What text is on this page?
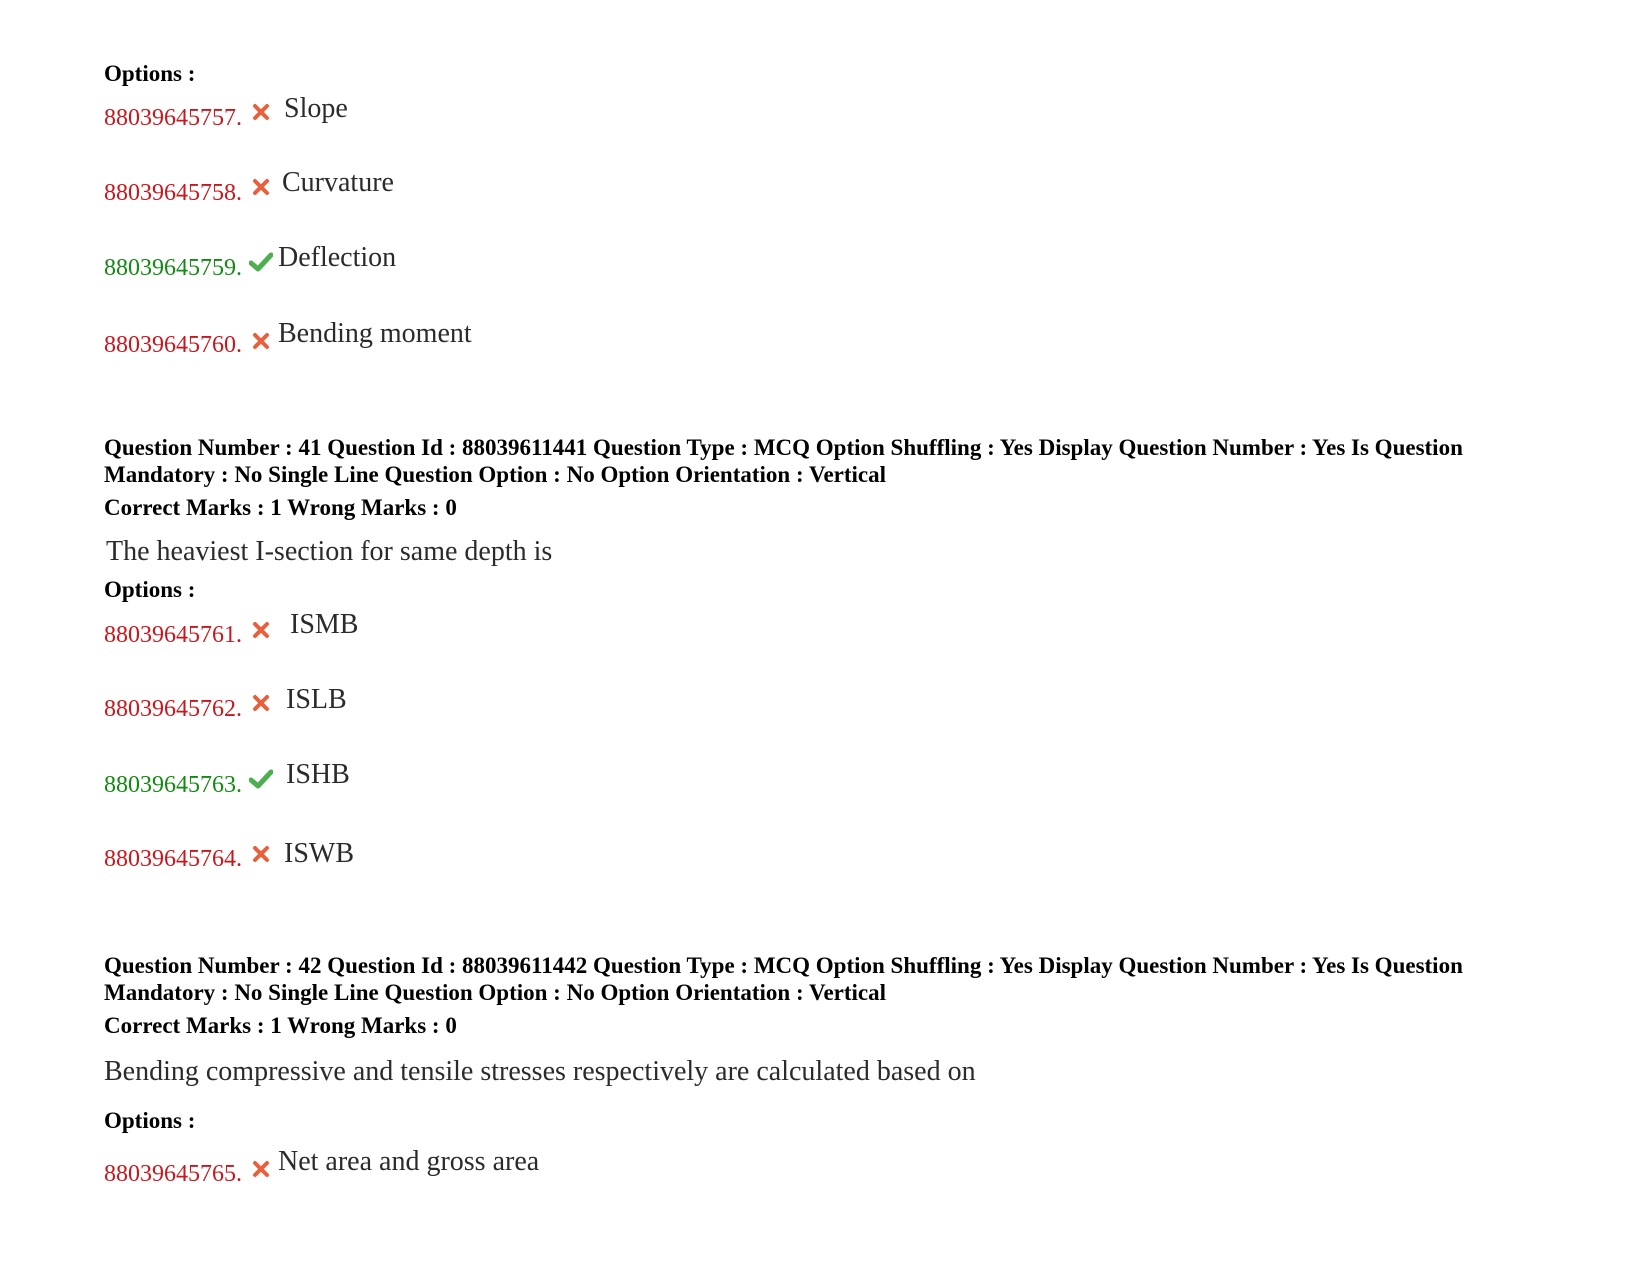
Options :
88039645757. Slope
88039645758. Curvature
88039645759. Deflection
88039645760. Bending moment
Question Number : 41 Question Id : 88039611441 Question Type : MCQ Option Shuffling : Yes Display Question Number : Yes Is Question
Mandatory : No Single Line Question Option : No Option Orientation : Vertical
Correct Marks : 1 Wrong Marks : 0
The heaviest I-section for same depth is
Options :
88039645761. ISMB
88039645762. ISLB
88039645763. ISHB
88039645764. ISWB
Question Number : 42 Question Id : 88039611442 Question Type : MCQ Option Shuffling : Yes Display Question Number : Yes Is Question
Mandatory : No Single Line Question Option : No Option Orientation : Vertical
Correct Marks : 1 Wrong Marks : 0
Bending compressive and tensile stresses respectively are calculated based on
Options :
88039645765. Net area and gross area
